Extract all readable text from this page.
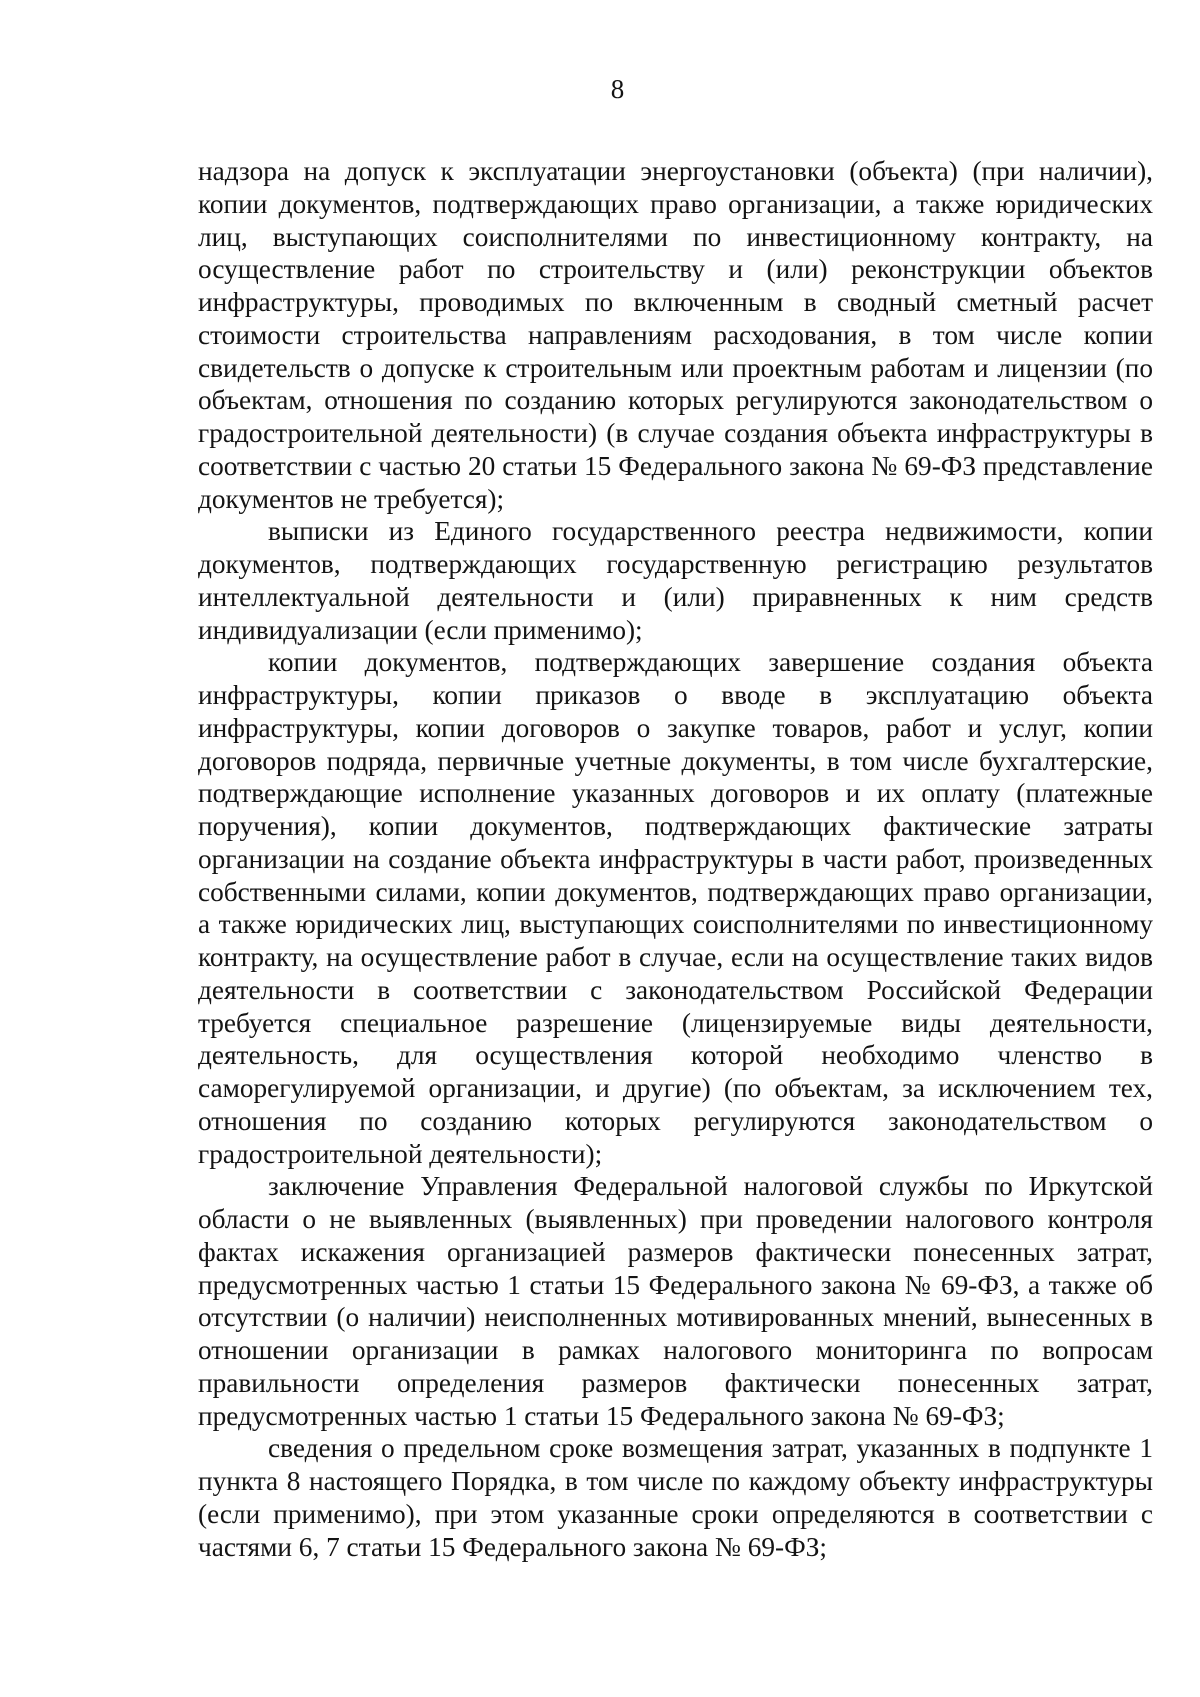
8

надзора на допуск к эксплуатации энергоустановки (объекта) (при наличии), копии документов, подтверждающих право организации, а также юридических лиц, выступающих соисполнителями по инвестиционному контракту, на осуществление работ по строительству и (или) реконструкции объектов инфраструктуры, проводимых по включенным в сводный сметный расчет стоимости строительства направлениям расходования, в том числе копии свидетельств о допуске к строительным или проектным работам и лицензии (по объектам, отношения по созданию которых регулируются законодательством о градостроительной деятельности) (в случае создания объекта инфраструктуры в соответствии с частью 20 статьи 15 Федерального закона № 69-ФЗ представление документов не требуется);

выписки из Единого государственного реестра недвижимости, копии документов, подтверждающих государственную регистрацию результатов интеллектуальной деятельности и (или) приравненных к ним средств индивидуализации (если применимо);

копии документов, подтверждающих завершение создания объекта инфраструктуры, копии приказов о вводе в эксплуатацию объекта инфраструктуры, копии договоров о закупке товаров, работ и услуг, копии договоров подряда, первичные учетные документы, в том числе бухгалтерские, подтверждающие исполнение указанных договоров и их оплату (платежные поручения), копии документов, подтверждающих фактические затраты организации на создание объекта инфраструктуры в части работ, произведенных собственными силами, копии документов, подтверждающих право организации, а также юридических лиц, выступающих соисполнителями по инвестиционному контракту, на осуществление работ в случае, если на осуществление таких видов деятельности в соответствии с законодательством Российской Федерации требуется специальное разрешение (лицензируемые виды деятельности, деятельность, для осуществления которой необходимо членство в саморегулируемой организации, и другие) (по объектам, за исключением тех, отношения по созданию которых регулируются законодательством о градостроительной деятельности);

заключение Управления Федеральной налоговой службы по Иркутской области о не выявленных (выявленных) при проведении налогового контроля фактах искажения организацией размеров фактически понесенных затрат, предусмотренных частью 1 статьи 15 Федерального закона № 69-ФЗ, а также об отсутствии (о наличии) неисполненных мотивированных мнений, вынесенных в отношении организации в рамках налогового мониторинга по вопросам правильности определения размеров фактически понесенных затрат, предусмотренных частью 1 статьи 15 Федерального закона № 69-ФЗ;

сведения о предельном сроке возмещения затрат, указанных в подпункте 1 пункта 8 настоящего Порядка, в том числе по каждому объекту инфраструктуры (если применимо), при этом указанные сроки определяются в соответствии с частями 6, 7 статьи 15 Федерального закона № 69-ФЗ;
